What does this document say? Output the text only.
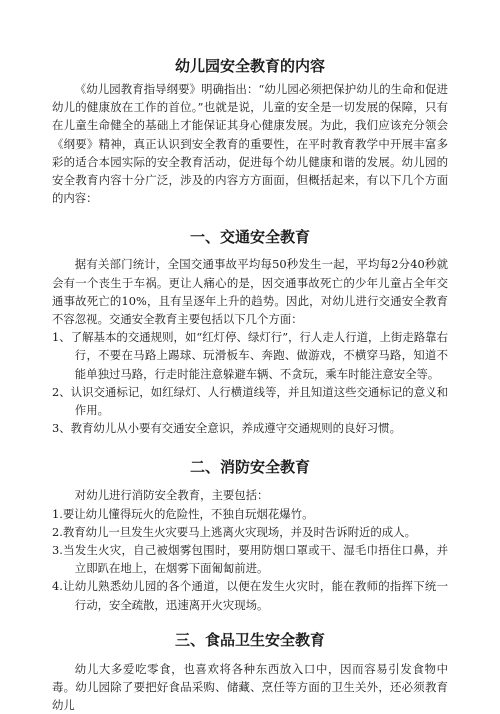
幼儿园安全教育的内容

《幼儿园教育指导纲要》明确指出：“幼儿园必须把保护幼儿的生命和促进幼儿的健康放在工作的首位。”也就是说，儿童的安全是一切发展的保障，只有在儿童生命健全的基础上才能保证其身心健康发展。为此，我们应该充分领会《纲要》精神，真正认识到安全教育的重要性，在平时教育教学中开展丰富多彩的适合本园实际的安全教育活动，促进每个幼儿健康和谐的发展。幼儿园的安全教育内容十分广泛，涉及的内容方方面面，但概括起来，有以下几个方面的内容：

一、交通安全教育

据有关部门统计，全国交通事故平均每50秒发生一起，平均每2分40秒就会有一个丧生于车祸。更让人痛心的是，因交通事故死亡的少年儿童占全年交通事故死亡的10%，且有呈逐年上升的趋势。因此，对幼儿进行交通安全教育不容忽视。交通安全教育主要包括以下几个方面：

1、了解基本的交通规则，如“红灯停、绿灯行”，行人走人行道，上街走路靠右行，不要在马路上踢球、玩滑板车、奔跑、做游戏，不横穿马路，知道不能单独过马路，行走时能注意躲避车辆、不贪玩，乘车时能注意安全等。
2、认识交通标记，如红绿灯、人行横道线等，并且知道这些交通标记的意义和作用。
3、教育幼儿从小要有交通安全意识，养成遵守交通规则的良好习惯。
二、消防安全教育

对幼儿进行消防安全教育，主要包括：

1.要让幼儿懂得玩火的危险性，不独自玩烟花爆竹。
2.教育幼儿一旦发生火灾要马上逃离火灾现场，并及时告诉附近的成人。
3.当发生火灾，自己被烟雾包围时，要用防烟口罩或干、湿毛巾捂住口鼻，并立即趴在地上，在烟雾下面匍匐前进。
4.让幼儿熟悉幼儿园的各个通道，以便在发生火灾时，能在教师的指挥下统一行动，安全疏散，迅速离开火灾现场。
三、食品卫生安全教育

幼儿大多爱吃零食，也喜欢将各种东西放入口中，因而容易引发食物中毒。幼儿园除了要把好食品采购、储藏、烹任等方面的卫生关外，还必须教育幼儿
